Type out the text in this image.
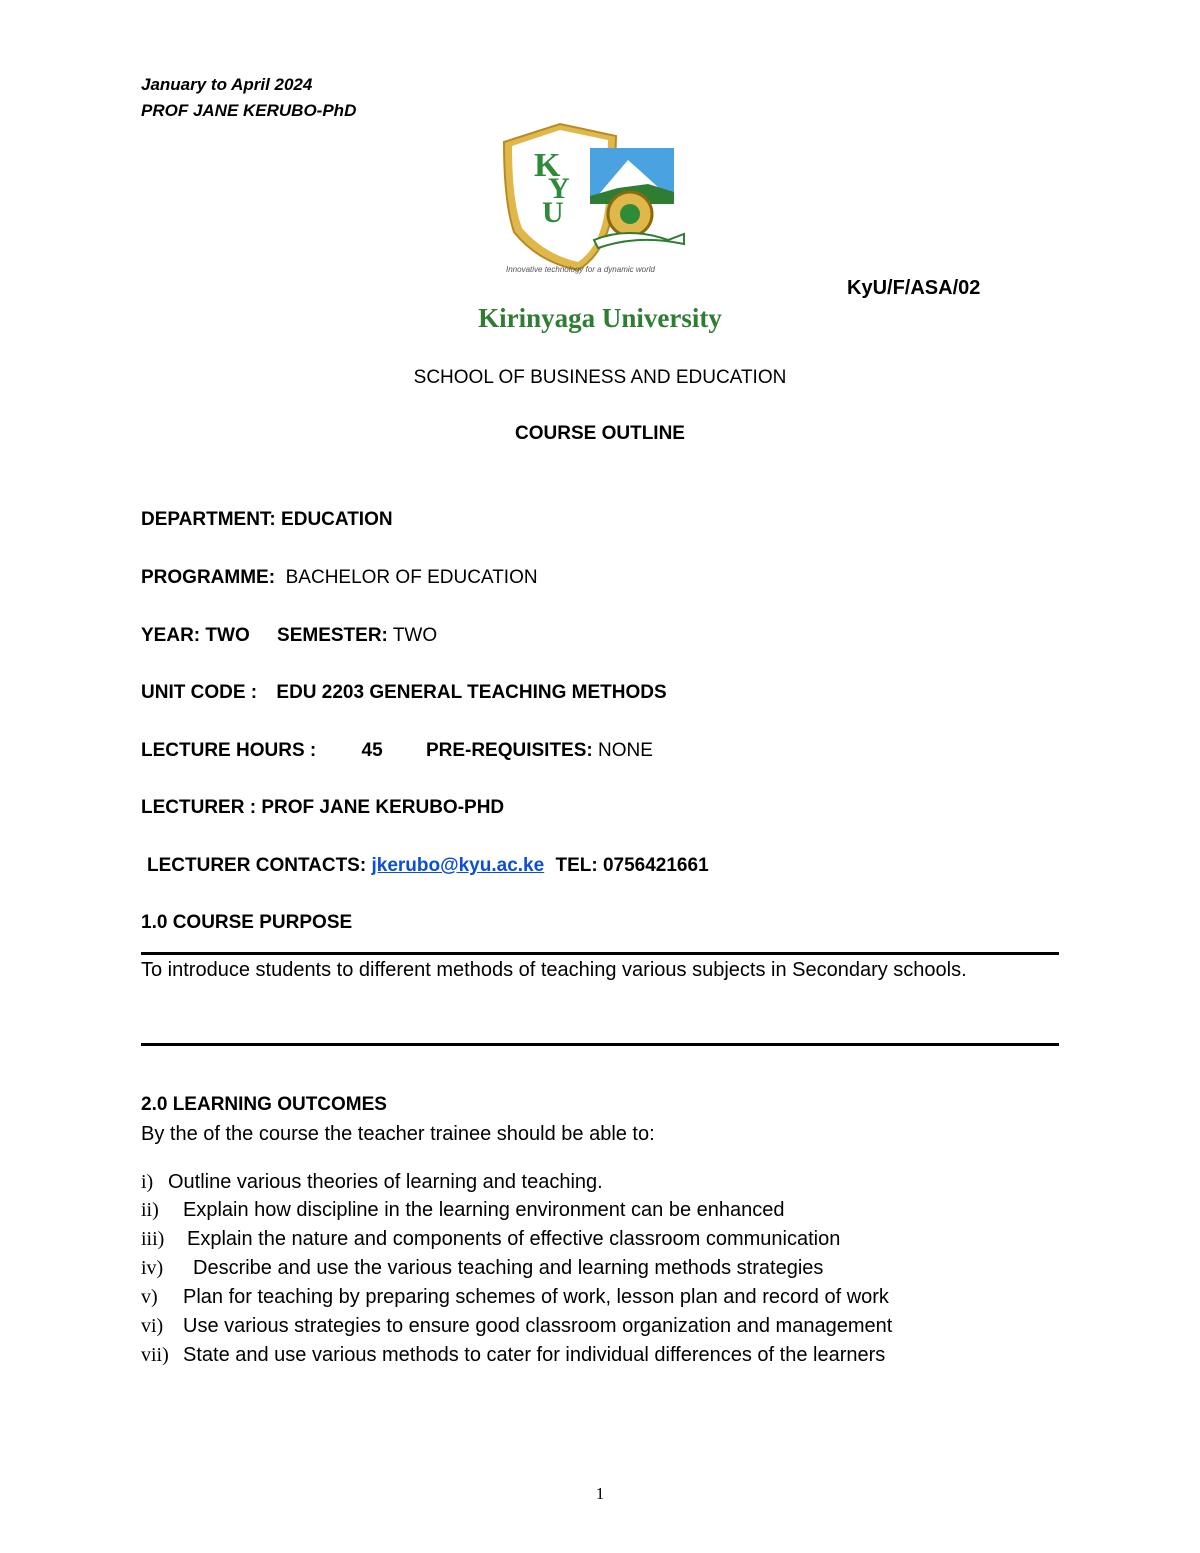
January to April 2024
PROF JANE KERUBO-PhD
K
Y
U
Innovative technology for a dynamic world
KyU/F/ASA/02
Kirinyaga University
SCHOOL OF BUSINESS AND EDUCATION
COURSE OUTLINE
DEPARTMENT: EDUCATION
PROGRAMME: BACHELOR OF EDUCATION
YEAR: TWO SEMESTER: TWO
UNIT CODE : EDU 2203 GENERAL TEACHING METHODS
LECTURE HOURS : 45 PRE-REQUISITES: NONE
LECTURER : PROF JANE KERUBO-PHD
LECTURER CONTACTS: jkerubo@kyu.ac.ke TEL: 0756421661
1.0 COURSE PURPOSE
To introduce students to different methods of teaching various subjects in Secondary schools.
2.0 LEARNING OUTCOMES
By the of the course the teacher trainee should be able to:
i) Outline various theories of learning and teaching.
ii) Explain how discipline in the learning environment can be enhanced
iii) Explain the nature and components of effective classroom communication
iv) Describe and use the various teaching and learning methods strategies
v) Plan for teaching by preparing schemes of work, lesson plan and record of work
vi) Use various strategies to ensure good classroom organization and management
vii) State and use various methods to cater for individual differences of the learners
1
